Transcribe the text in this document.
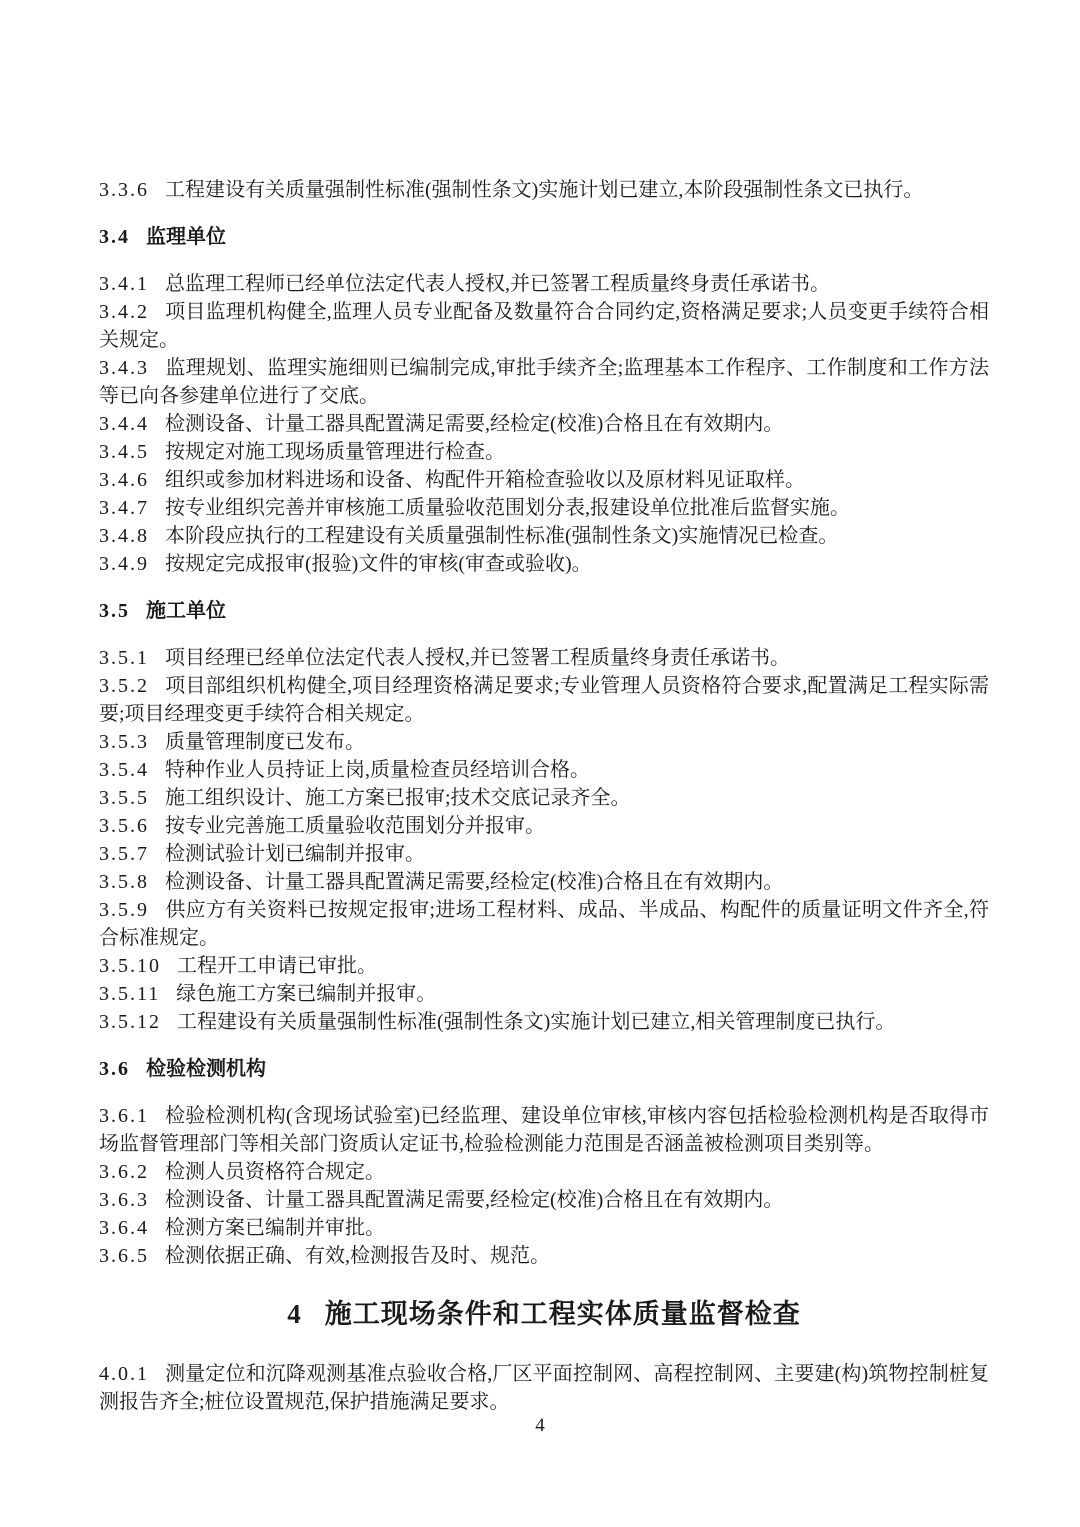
3.3.6 工程建设有关质量强制性标准(强制性条文)实施计划已建立,本阶段强制性条文已执行。
3.4 监理单位
3.4.1 总监理工程师已经单位法定代表人授权,并已签署工程质量终身责任承诺书。
3.4.2 项目监理机构健全,监理人员专业配备及数量符合合同约定,资格满足要求;人员变更手续符合相关规定。
3.4.3 监理规划、监理实施细则已编制完成,审批手续齐全;监理基本工作程序、工作制度和工作方法等已向各参建单位进行了交底。
3.4.4 检测设备、计量工器具配置满足需要,经检定(校准)合格且在有效期内。
3.4.5 按规定对施工现场质量管理进行检查。
3.4.6 组织或参加材料进场和设备、构配件开箱检查验收以及原材料见证取样。
3.4.7 按专业组织完善并审核施工质量验收范围划分表,报建设单位批准后监督实施。
3.4.8 本阶段应执行的工程建设有关质量强制性标准(强制性条文)实施情况已检查。
3.4.9 按规定完成报审(报验)文件的审核(审查或验收)。
3.5 施工单位
3.5.1 项目经理已经单位法定代表人授权,并已签署工程质量终身责任承诺书。
3.5.2 项目部组织机构健全,项目经理资格满足要求;专业管理人员资格符合要求,配置满足工程实际需要;项目经理变更手续符合相关规定。
3.5.3 质量管理制度已发布。
3.5.4 特种作业人员持证上岗,质量检查员经培训合格。
3.5.5 施工组织设计、施工方案已报审;技术交底记录齐全。
3.5.6 按专业完善施工质量验收范围划分并报审。
3.5.7 检测试验计划已编制并报审。
3.5.8 检测设备、计量工器具配置满足需要,经检定(校准)合格且在有效期内。
3.5.9 供应方有关资料已按规定报审;进场工程材料、成品、半成品、构配件的质量证明文件齐全,符合标准规定。
3.5.10 工程开工申请已审批。
3.5.11 绿色施工方案已编制并报审。
3.5.12 工程建设有关质量强制性标准(强制性条文)实施计划已建立,相关管理制度已执行。
3.6 检验检测机构
3.6.1 检验检测机构(含现场试验室)已经监理、建设单位审核,审核内容包括检验检测机构是否取得市场监督管理部门等相关部门资质认定证书,检验检测能力范围是否涵盖被检测项目类别等。
3.6.2 检测人员资格符合规定。
3.6.3 检测设备、计量工器具配置满足需要,经检定(校准)合格且在有效期内。
3.6.4 检测方案已编制并审批。
3.6.5 检测依据正确、有效,检测报告及时、规范。
4 施工现场条件和工程实体质量监督检查
4.0.1 测量定位和沉降观测基准点验收合格,厂区平面控制网、高程控制网、主要建(构)筑物控制桩复测报告齐全;桩位设置规范,保护措施满足要求。
4
